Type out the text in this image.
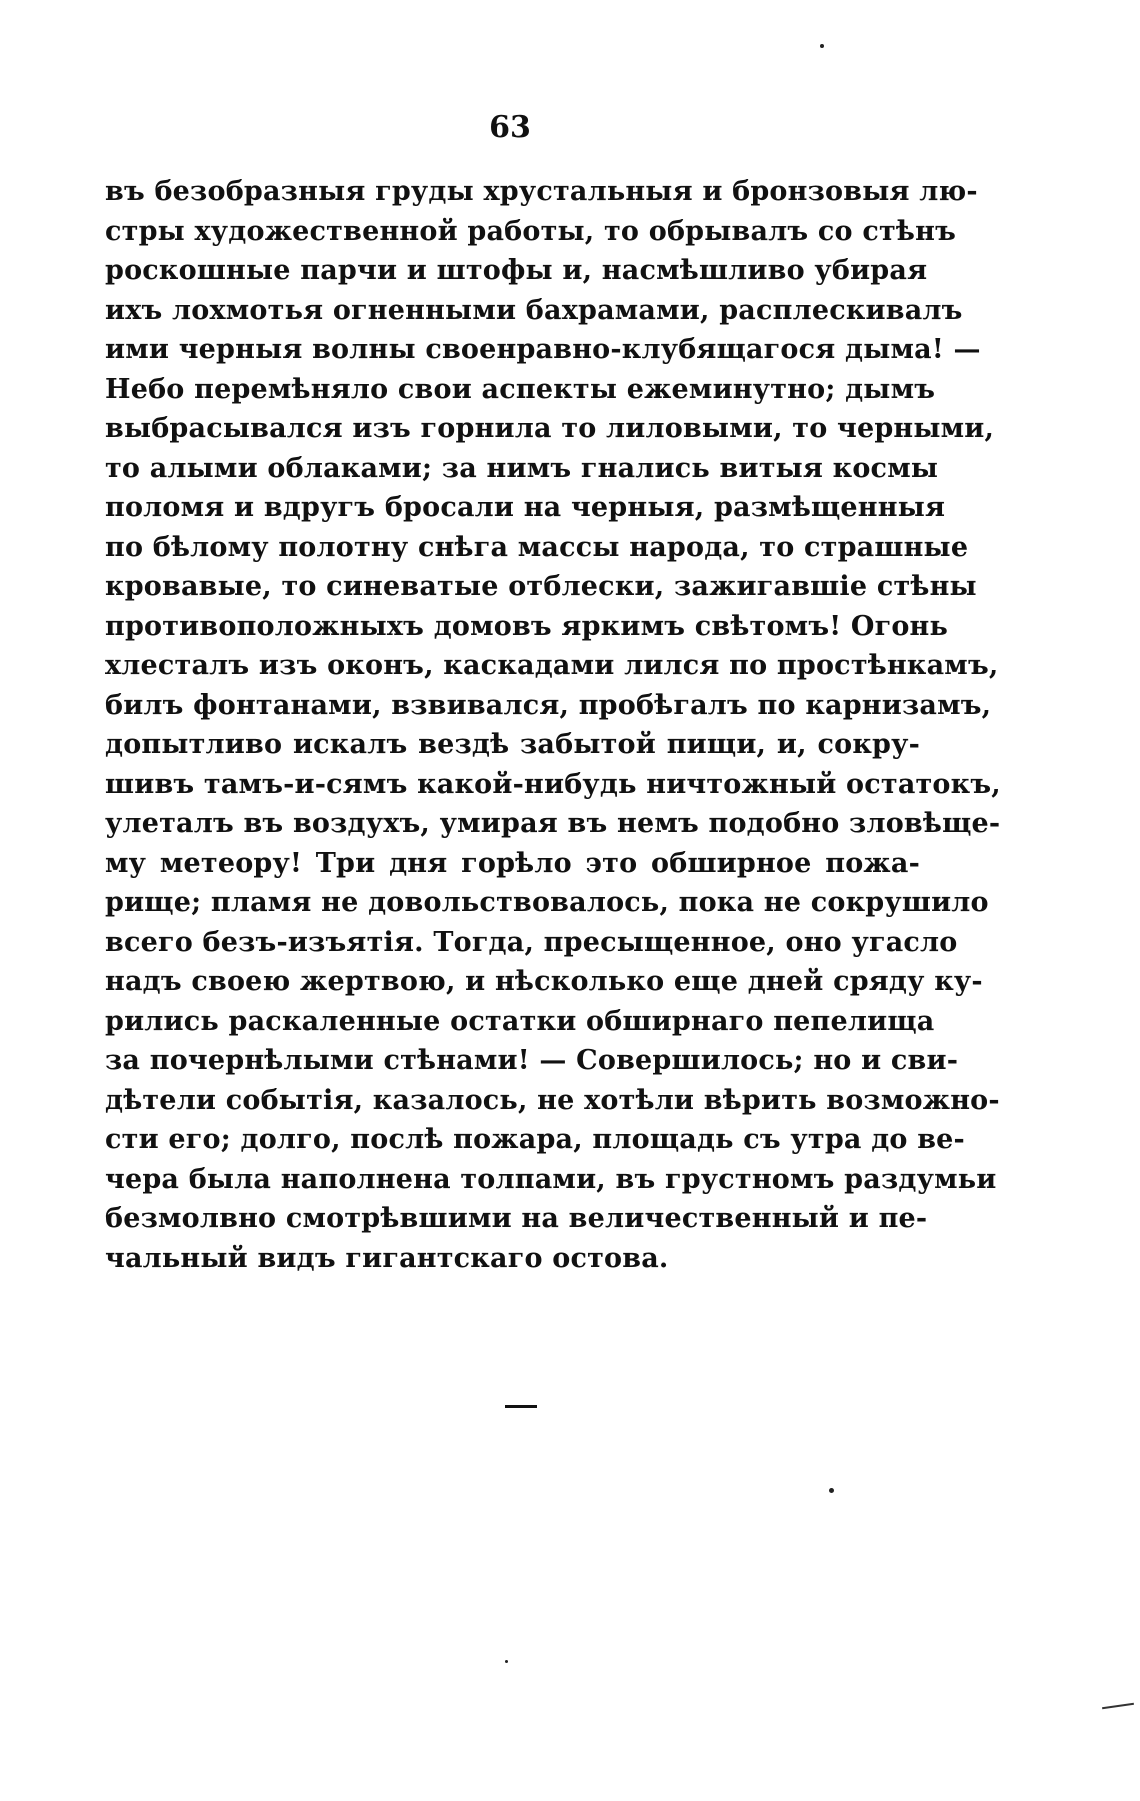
63
въ безобразныя груды хрустальныя и бронзовыя лю-
стры художественной работы, то обрывалъ со стѣнъ
роскошные парчи и штофы и, насмѣшливо убирая
ихъ лохмотья огненными бахрамами, расплескивалъ
ими черныя волны своенравно-клубящагося дыма! —
Небо перемѣняло свои аспекты ежеминутно; дымъ
выбрасывался изъ горнила то лиловыми, то черными,
то алыми облаками; за нимъ гнались витыя космы
поломя и вдругъ бросали на черныя, размѣщенныя
по бѣлому полотну снѣга массы народа, то страшные
кровавые, то синеватые отблески, зажигавшіе стѣны
противоположныхъ домовъ яркимъ свѣтомъ! Огонь
хлесталъ изъ оконъ, каскадами лился по простѣнкамъ,
билъ фонтанами, взвивался, пробѣгалъ по карнизамъ,
допытливо искалъ вездѣ забытой пищи, и, сокру-
шивъ тамъ-и-сямъ какой-нибудь ничтожный остатокъ,
улеталъ въ воздухъ, умирая въ немъ подобно зловѣще-
му метеору! Три дня горѣло это обширное пожа-
рище; пламя не довольствовалось, пока не сокрушило
всего безъ-изъятія. Тогда, пресыщенное, оно угасло
надъ своею жертвою, и нѣсколько еще дней сряду ку-
рились раскаленные остатки обширнаго пепелища
за почернѣлыми стѣнами! — Совершилось; но и сви-
дѣтели событія, казалось, не хотѣли вѣрить возможно-
сти его; долго, послѣ пожара, площадь съ утра до ве-
чера была наполнена толпами, въ грустномъ раздумьи
безмолвно смотрѣвшими на величественный и пе-
чальный видъ гигантскаго остова.
